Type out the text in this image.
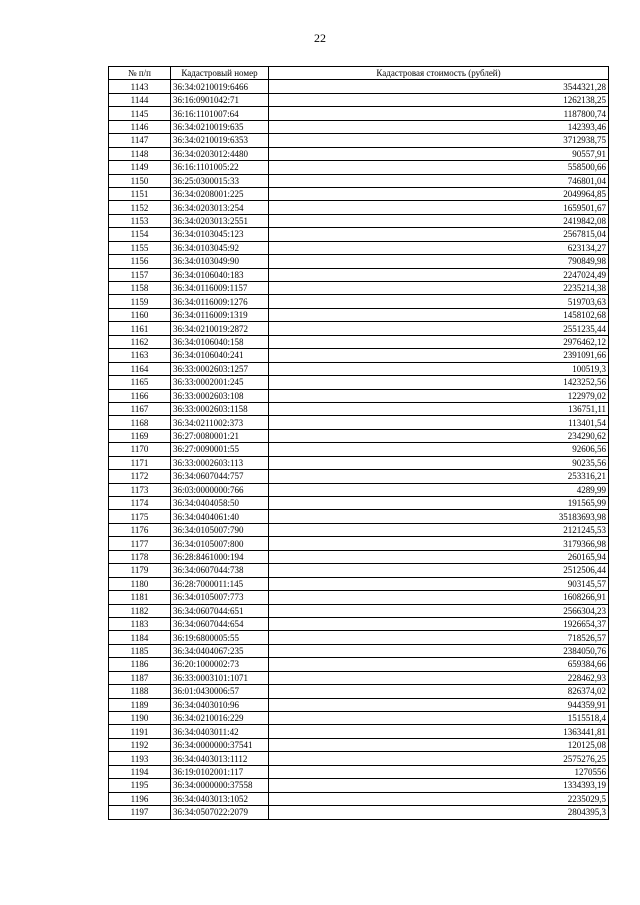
22
№ п/п	Кадастровый номер	Кадастровая стоимость (рублей)
1143	36:34:0210019:6466	3544321,28
1144	36:16:0901042:71	1262138,25
1145	36:16:1101007:64	1187800,74
1146	36:34:0210019:635	142393,46
1147	36:34:0210019:6353	3712938,75
1148	36:34:0203012:4480	90557,91
1149	36:16:1101005:22	558500,66
1150	36:25:0300015:33	746801,04
1151	36:34:0208001:225	2049964,85
1152	36:34:0203013:254	1659501,67
1153	36:34:0203013:2551	2419842,08
1154	36:34:0103045:123	2567815,04
1155	36:34:0103045:92	623134,27
1156	36:34:0103049:90	790849,98
1157	36:34:0106040:183	2247024,49
1158	36:34:0116009:1157	2235214,38
1159	36:34:0116009:1276	519703,63
1160	36:34:0116009:1319	1458102,68
1161	36:34:0210019:2872	2551235,44
1162	36:34:0106040:158	2976462,12
1163	36:34:0106040:241	2391091,66
1164	36:33:0002603:1257	100519,3
1165	36:33:0002001:245	1423252,56
1166	36:33:0002603:108	122979,02
1167	36:33:0002603:1158	136751,11
1168	36:34:0211002:373	113401,54
1169	36:27:0080001:21	234290,62
1170	36:27:0090001:55	92606,56
1171	36:33:0002603:113	90235,56
1172	36:34:0607044:757	253316,21
1173	36:03:0000000:766	4289,99
1174	36:34:0404058:50	191565,99
1175	36:34:0404061:40	35183693,98
1176	36:34:0105007:790	2121245,53
1177	36:34:0105007:800	3179366,98
1178	36:28:8461000:194	260165,94
1179	36:34:0607044:738	2512506,44
1180	36:28:7000011:145	903145,57
1181	36:34:0105007:773	1608266,91
1182	36:34:0607044:651	2566304,23
1183	36:34:0607044:654	1926654,37
1184	36:19:6800005:55	718526,57
1185	36:34:0404067:235	2384050,76
1186	36:20:1000002:73	659384,66
1187	36:33:0003101:1071	228462,93
1188	36:01:0430006:57	826374,02
1189	36:34:0403010:96	944359,91
1190	36:34:0210016:229	1515518,4
1191	36:34:0403011:42	1363441,81
1192	36:34:0000000:37541	120125,08
1193	36:34:0403013:1112	2575276,25
1194	36:19:0102001:117	1270556
1195	36:34:0000000:37558	1334393,19
1196	36:34:0403013:1052	2235029,5
1197	36:34:0507022:2079	2804395,3
